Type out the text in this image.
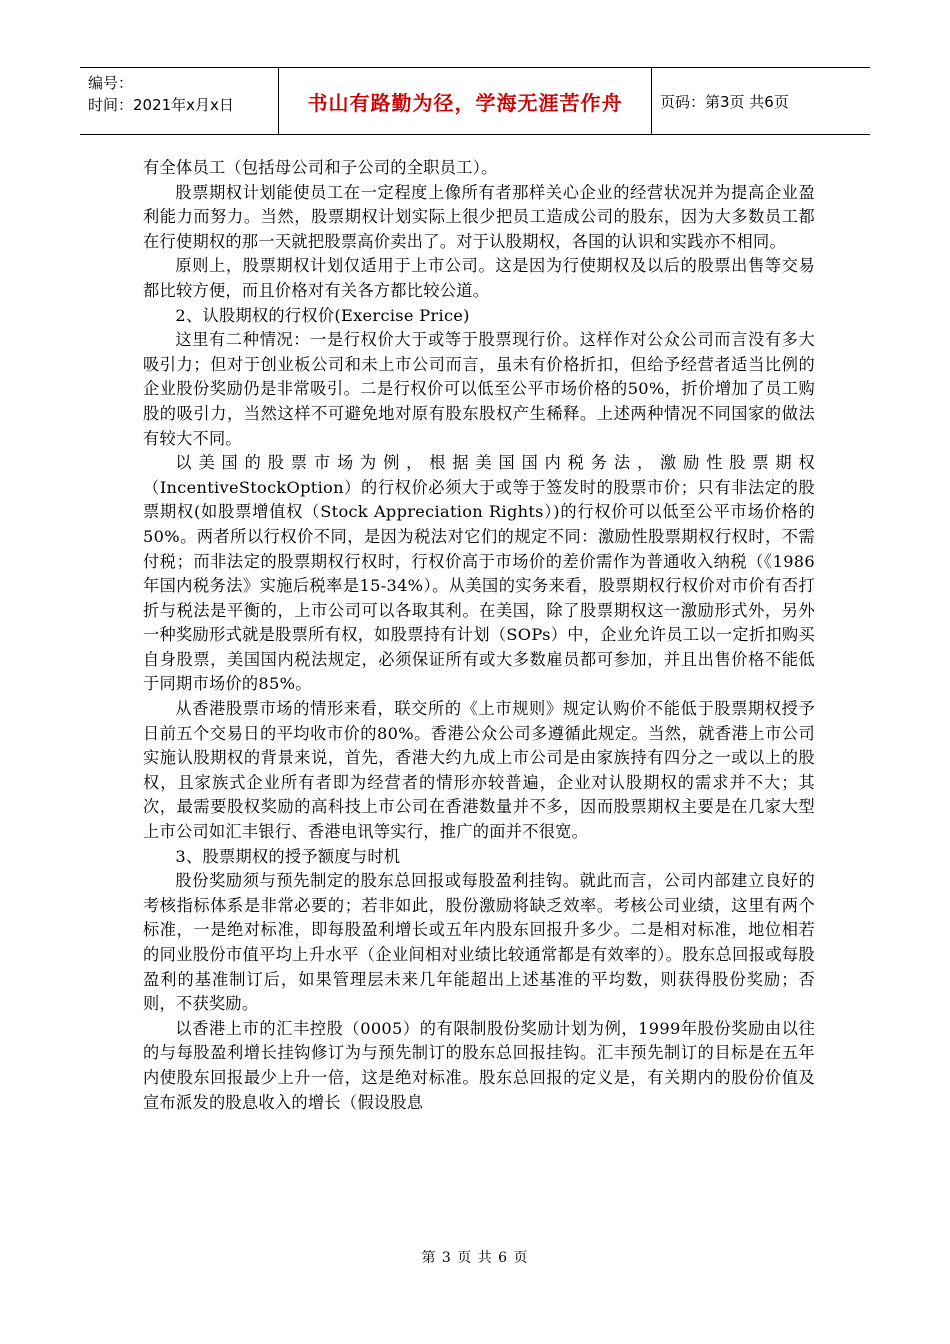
编号：
时间：2021年x月x日	书山有路勤为径，学海无涯苦作舟	页码：第3页 共6页

有全体员工（包括母公司和子公司的全职员工）。

股票期权计划能使员工在一定程度上像所有者那样关心企业的经营状况并为提高企业盈利能力而努力。当然，股票期权计划实际上很少把员工造成公司的股东，因为大多数员工都在行使期权的那一天就把股票高价卖出了。对于认股期权，各国的认识和实践亦不相同。

原则上，股票期权计划仅适用于上市公司。这是因为行使期权及以后的股票出售等交易都比较方便，而且价格对有关各方都比较公道。

2、认股期权的行权价(Exercise Price)

这里有二种情况：一是行权价大于或等于股票现行价。这样作对公众公司而言没有多大吸引力；但对于创业板公司和未上市公司而言，虽未有价格折扣，但给予经营者适当比例的企业股份奖励仍是非常吸引。二是行权价可以低至公平市场价格的50%，折价增加了员工购股的吸引力，当然这样不可避免地对原有股东股权产生稀释。上述两种情况不同国家的做法有较大不同。

以美国的股票市场为例，根据美国国内税务法，激励性股票期权（IncentiveStockOption）的行权价必须大于或等于签发时的股票市价；只有非法定的股票期权(如股票增值权（Stock Appreciation Rights）)的行权价可以低至公平市场价格的50%。两者所以行权价不同，是因为税法对它们的规定不同：激励性股票期权行权时，不需付税；而非法定的股票期权行权时，行权价高于市场价的差价需作为普通收入纳税（《1986年国内税务法》实施后税率是15-34%）。从美国的实务来看，股票期权行权价对市价有否打折与税法是平衡的，上市公司可以各取其利。在美国，除了股票期权这一激励形式外，另外一种奖励形式就是股票所有权，如股票持有计划（SOPs）中，企业允许员工以一定折扣购买自身股票，美国国内税法规定，必须保证所有或大多数雇员都可参加，并且出售价格不能低于同期市场价的85%。

从香港股票市场的情形来看，联交所的《上市规则》规定认购价不能低于股票期权授予日前五个交易日的平均收市价的80%。香港公众公司多遵循此规定。当然，就香港上市公司实施认股期权的背景来说，首先，香港大约九成上市公司是由家族持有四分之一或以上的股权，且家族式企业所有者即为经营者的情形亦较普遍，企业对认股期权的需求并不大；其次，最需要股权奖励的高科技上市公司在香港数量并不多，因而股票期权主要是在几家大型上市公司如汇丰银行、香港电讯等实行，推广的面并不很宽。

3、股票期权的授予额度与时机

股份奖励须与预先制定的股东总回报或每股盈利挂钩。就此而言，公司内部建立良好的考核指标体系是非常必要的；若非如此，股份激励将缺乏效率。考核公司业绩，这里有两个标准，一是绝对标准，即每股盈利增长或五年内股东回报升多少。二是相对标准，地位相若的同业股份市值平均上升水平（企业间相对业绩比较通常都是有效率的）。股东总回报或每股盈利的基准制订后，如果管理层未来几年能超出上述基准的平均数，则获得股份奖励；否则，不获奖励。

以香港上市的汇丰控股（0005）的有限制股份奖励计划为例，1999年股份奖励由以往的与每股盈利增长挂钩修订为与预先制订的股东总回报挂钩。汇丰预先制订的目标是在五年内使股东回报最少上升一倍，这是绝对标准。股东总回报的定义是，有关期内的股份价值及宣布派发的股息收入的增长（假设股息

第 3 页 共 6 页
